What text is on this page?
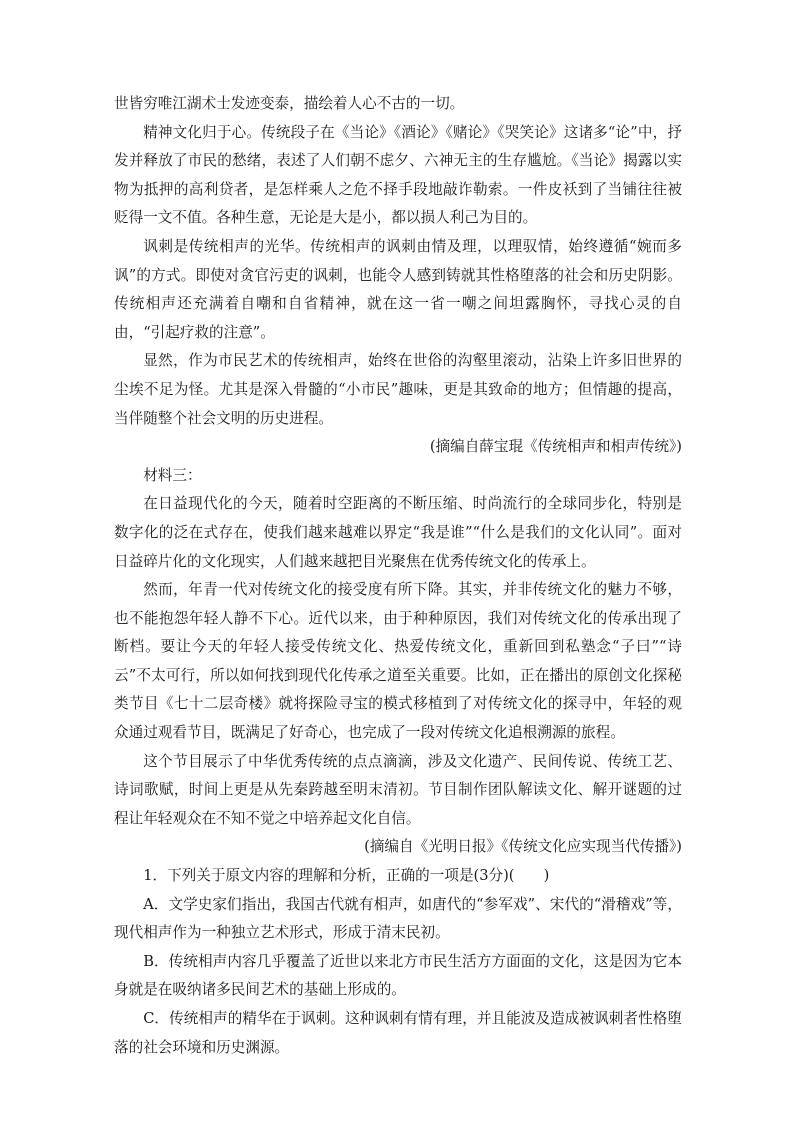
世皆穷唯江湖术士发迹变泰，描绘着人心不古的一切。

精神文化归于心。传统段子在《当论》《酒论》《赌论》《哭笑论》这诸多“论”中，抒发并释放了市民的愁绪，表述了人们朝不虑夕、六神无主的生存尴尬。《当论》揭露以实物为抵押的高利贷者，是怎样乘人之危不择手段地敲诈勒索。一件皮袄到了当铺往往被贬得一文不值。各种生意，无论是大是小，都以损人利己为目的。

讽刺是传统相声的光华。传统相声的讽刺由情及理，以理驭情，始终遵循“婉而多讽”的方式。即使对贪官污吏的讽刺，也能令人感到铸就其性格堕落的社会和历史阴影。传统相声还充满着自嘲和自省精神，就在这一省一嘲之间坦露胸怀，寻找心灵的自由，“引起疗救的注意”。

显然，作为市民艺术的传统相声，始终在世俗的沟壑里滚动，沾染上许多旧世界的尘埃不足为怪。尤其是深入骨髓的“小市民”趣味，更是其致命的地方；但情趣的提高，当伴随整个社会文明的历史进程。

(摘编自薛宝琨《传统相声和相声传统》)

材料三：

在日益现代化的今天，随着时空距离的不断压缩、时尚流行的全球同步化，特别是数字化的泛在式存在，使我们越来越难以界定“我是谁”“什么是我们的文化认同”。面对日益碎片化的文化现实，人们越来越把目光聚焦在优秀传统文化的传承上。

然而，年青一代对传统文化的接受度有所下降。其实，并非传统文化的魅力不够，也不能抱怨年轻人静不下心。近代以来，由于种种原因，我们对传统文化的传承出现了断档。要让今天的年轻人接受传统文化、热爱传统文化，重新回到私塾念“子曰”“诗云”不太可行，所以如何找到现代化传承之道至关重要。比如，正在播出的原创文化探秘类节目《七十二层奇楼》就将探险寻宝的模式移植到了对传统文化的探寻中，年轻的观众通过观看节目，既满足了好奇心，也完成了一段对传统文化追根溯源的旅程。

这个节目展示了中华优秀传统的点点滴滴，涉及文化遗产、民间传说、传统工艺、诗词歌赋，时间上更是从先秦跨越至明末清初。节目制作团队解读文化、解开谜题的过程让年轻观众在不知不觉之中培养起文化自信。

(摘编自《光明日报》《传统文化应实现当代传播》)

1．下列关于原文内容的理解和分析，正确的一项是(3分)(　　)

A．文学史家们指出，我国古代就有相声，如唐代的“参军戏”、宋代的“滑稽戏”等，现代相声作为一种独立艺术形式，形成于清末民初。

B．传统相声内容几乎覆盖了近世以来北方市民生活方方面面的文化，这是因为它本身就是在吸纳诸多民间艺术的基础上形成的。

C．传统相声的精华在于讽刺。这种讽刺有情有理，并且能波及造成被讽刺者性格堕落的社会环境和历史渊源。
